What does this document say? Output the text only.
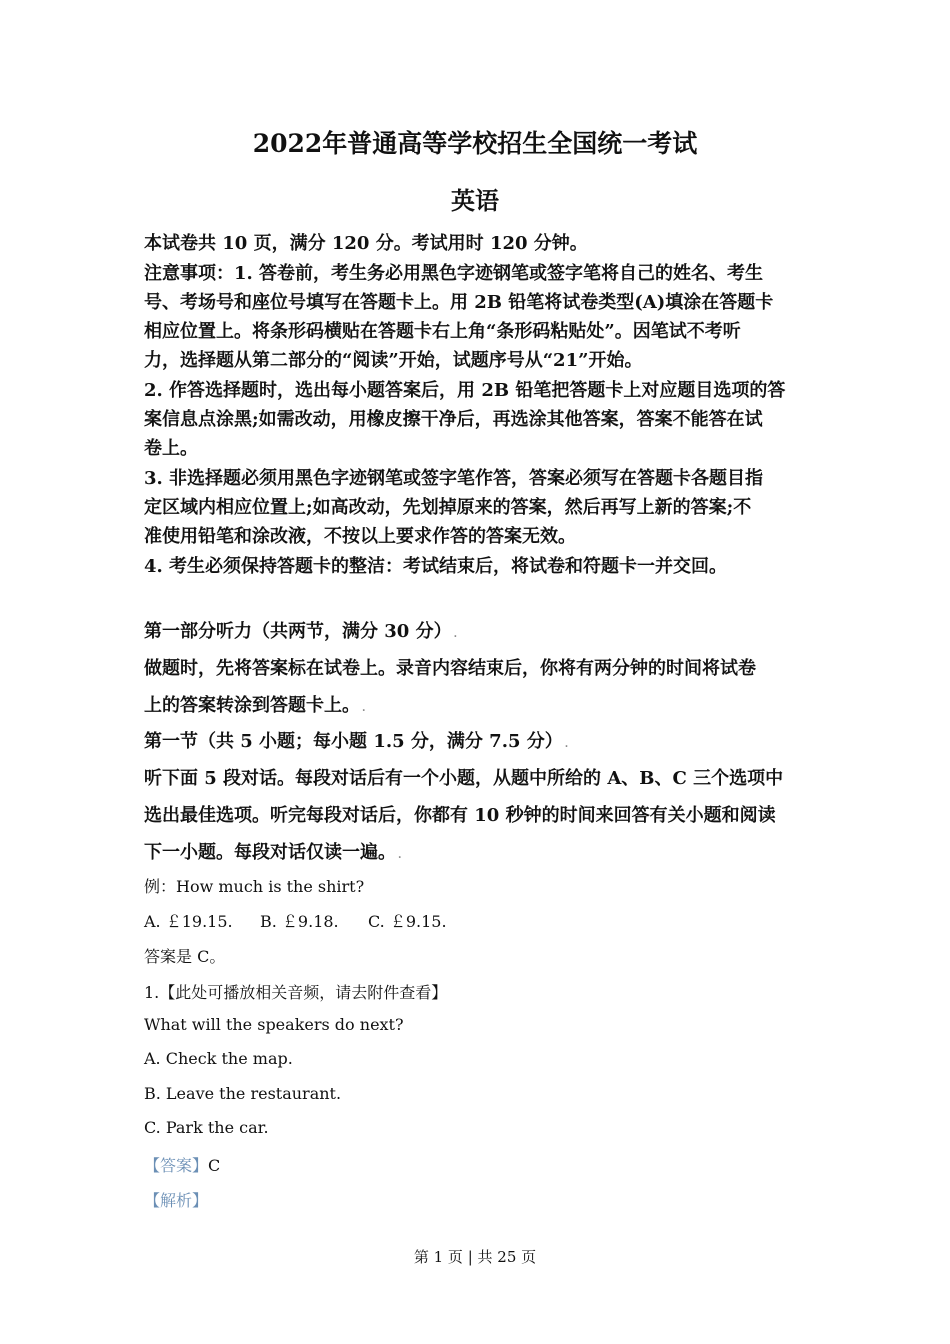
2022年普通高等学校招生全国统一考试
英语
本试卷共 10 页，满分 120 分。考试用时 120 分钟。
注意事项：1. 答卷前，考生务必用黑色字迹钢笔或签字笔将自己的姓名、考生
号、考场号和座位号填写在答题卡上。用 2B 铅笔将试卷类型(A)填涂在答题卡
相应位置上。将条形码横贴在答题卡右上角“条形码粘贴处”。因笔试不考听
力，选择题从第二部分的“阅读”开始，试题序号从“21”开始。
2. 作答选择题时，选出每小题答案后，用 2B 铅笔把答题卡上对应题目选项的答
案信息点涂黑;如需改动，用橡皮擦干净后，再选涂其他答案，答案不能答在试
卷上。
3. 非选择题必须用黑色字迹钢笔或签字笔作答，答案必须写在答题卡各题目指
定区域内相应位置上;如高改动，先划掉原来的答案，然后再写上新的答案;不
准使用铅笔和涂改液，不按以上要求作答的答案无效。
4. 考生必须保持答题卡的整洁：考试结束后，将试卷和符题卡一并交回。
第一部分听力（共两节，满分 30 分） .
做题时，先将答案标在试卷上。录音内容结束后，你将有两分钟的时间将试卷
上的答案转涂到答题卡上。 .
第一节（共 5 小题；每小题 1.5 分，满分 7.5 分） .
听下面 5 段对话。每段对话后有一个小题，从题中所给的 A、B、C 三个选项中
选出最佳选项。听完每段对话后，你都有 10 秒钟的时间来回答有关小题和阅读
下一小题。每段对话仅读一遍。 .
例：How much is the shirt?
A. ￡19.15. B. ￡9.18. C. ￡9.15.
答案是 C。
1.【此处可播放相关音频，请去附件查看】
What will the speakers do next?
A. Check the map.
B. Leave the restaurant.
C. Park the car.
【答案】C
【解析】
第 1 页 | 共 25 页
